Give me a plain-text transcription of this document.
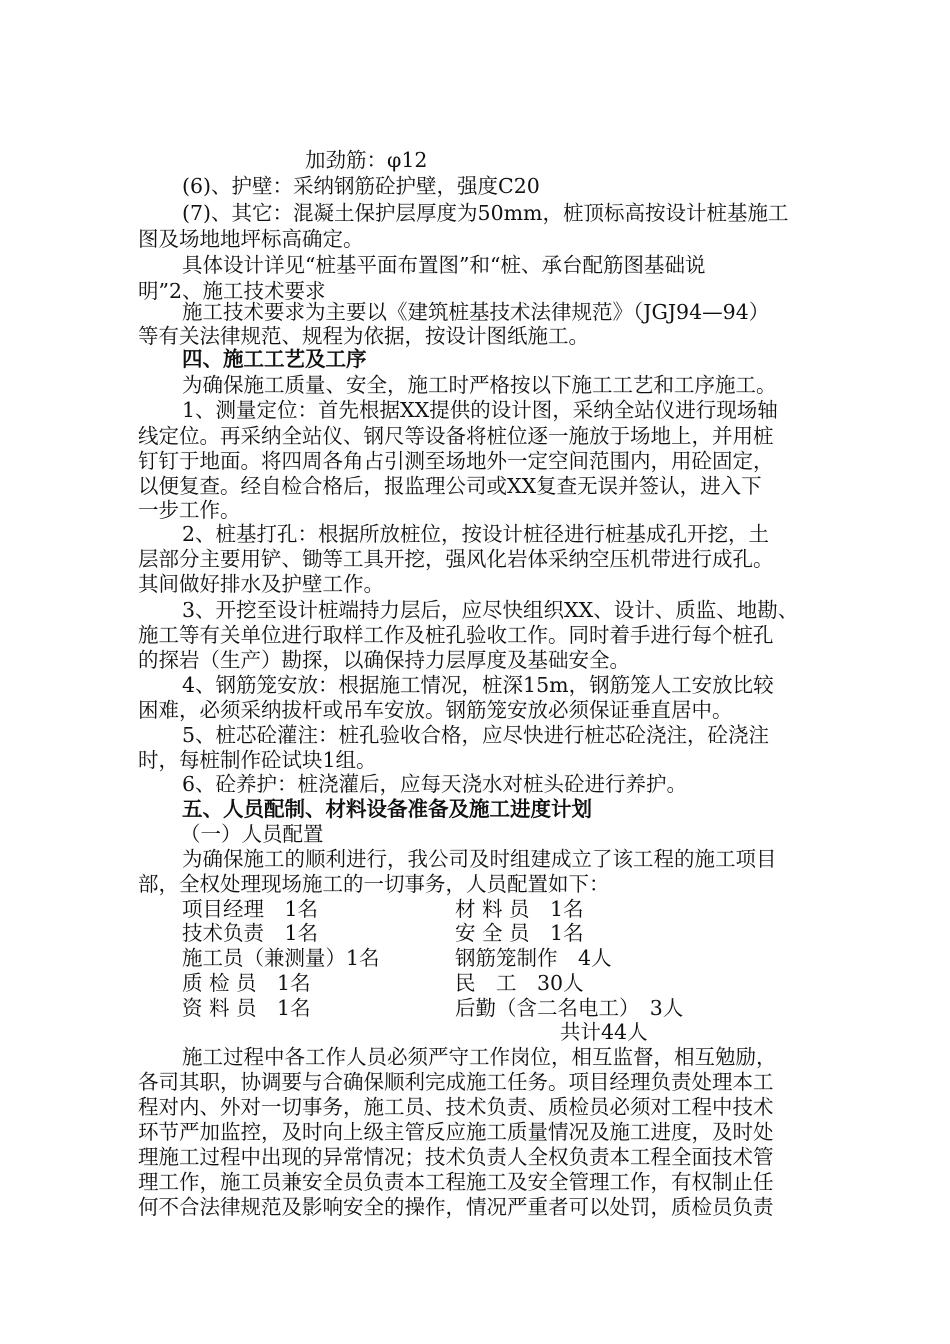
加劲筋：φ12

(6)、护壁：采纳钢筋砼护壁，强度C20

(7)、其它：混凝土保护层厚度为50mm，桩顶标高按设计桩基施工

图及场地地坪标高确定。

具体设计详见“桩基平面布置图”和“桩、承台配筋图基础说

明”2、施工技术要求

施工技术要求为主要以《建筑桩基技术法律规范》（JGJ94—94）

等有关法律规范、规程为依据，按设计图纸施工。

四、施工工艺及工序

为确保施工质量、安全，施工时严格按以下施工工艺和工序施工。

1、测量定位：首先根据XX提供的设计图，采纳全站仪进行现场轴

线定位。再采纳全站仪、钢尺等设备将桩位逐一施放于场地上，并用桩

钉钉于地面。将四周各角占引测至场地外一定空间范围内，用砼固定，

以便复查。经自检合格后，报监理公司或XX复查无误并签认，进入下

一步工作。

2、桩基打孔：根据所放桩位，按设计桩径进行桩基成孔开挖，土

层部分主要用铲、锄等工具开挖，强风化岩体采纳空压机带进行成孔。

其间做好排水及护壁工作。

3、开挖至设计桩端持力层后，应尽快组织XX、设计、质监、地勘、

施工等有关单位进行取样工作及桩孔验收工作。同时着手进行每个桩孔

的探岩（生产）勘探，以确保持力层厚度及基础安全。

4、钢筋笼安放：根据施工情况，桩深15m，钢筋笼人工安放比较

困难，必须采纳拔杆或吊车安放。钢筋笼安放必须保证垂直居中。

5、桩芯砼灌注：桩孔验收合格，应尽快进行桩芯砼浇注，砼浇注

时，每桩制作砼试块1组。

6、砼养护：桩浇灌后，应每天浇水对桩头砼进行养护。

五、人员配制、材料设备准备及施工进度计划

（一）人员配置

为确保施工的顺利进行，我公司及时组建成立了该工程的施工项目

部，全权处理现场施工的一切事务，人员配置如下：

项目经理　1名
技术负责　1名
施工员（兼测量）1名
质 检 员　1名
资 料 员　1名
材 料 员　1名
安 全 员　1名
钢筋笼制作　4人
民　工　30人
后勤（含二名电工）　3人
共计44人

施工过程中各工作人员必须严守工作岗位，相互监督，相互勉励，

各司其职，协调要与合确保顺利完成施工任务。项目经理负责处理本工

程对内、外对一切事务，施工员、技术负责、质检员必须对工程中技术

环节严加监控，及时向上级主管反应施工质量情况及施工进度，及时处

理施工过程中出现的异常情况；技术负责人全权负责本工程全面技术管

理工作，施工员兼安全员负责本工程施工及安全管理工作，有权制止任

何不合法律规范及影响安全的操作，情况严重者可以处罚，质检员负责
